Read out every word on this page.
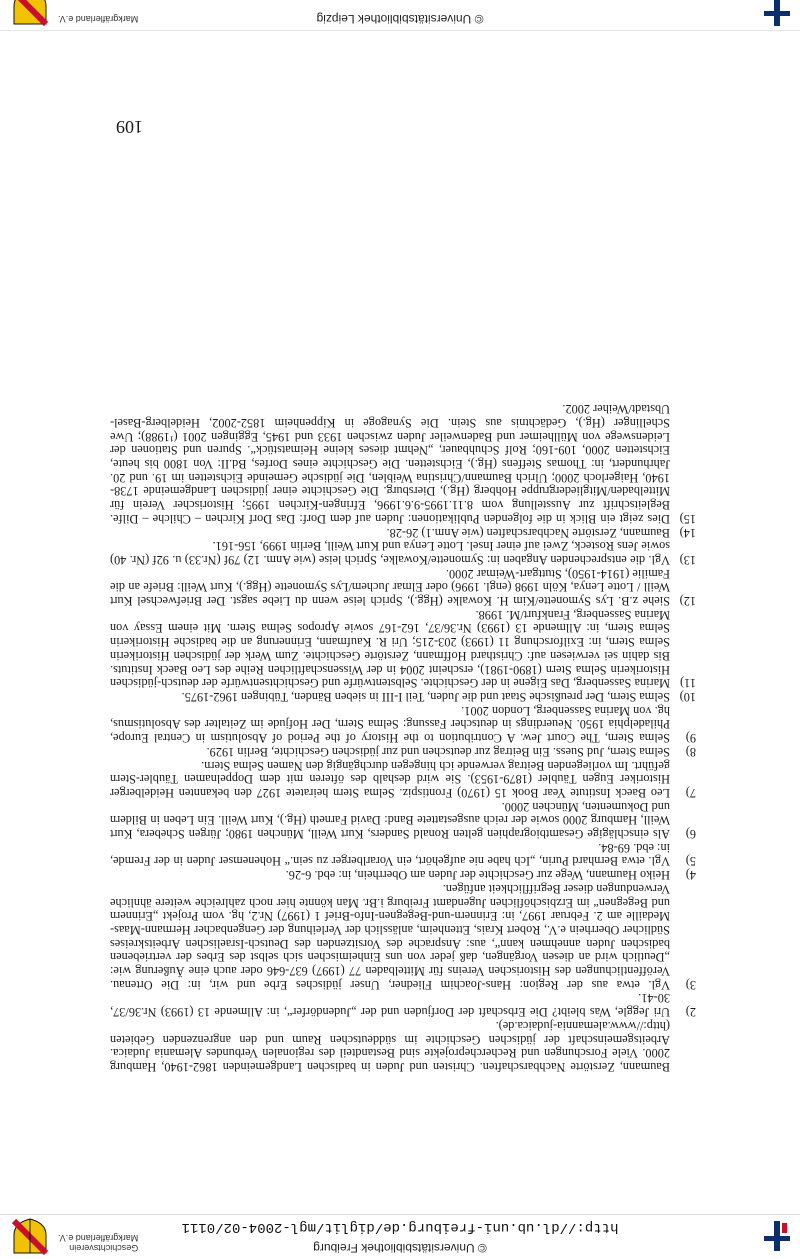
© Universitätsbibliothek Freiburg
http://dl.ub.uni-freiburg.de/diglit/mgl-2004-02/0111
Geschichtsverein
Markgräflerland e.V.
109

Baumann, Zerstörte Nachbarschaften. Christen und Juden in badischen Landgemeinden 1862-1940, Hamburg 2000. Viele Forschungen und Rechercheprojekte sind Bestandteil des regionalen Verbundes Alemania Judaica. Arbeitsgemeinschaft der jüdischen Geschichte im süddeutschen Raum und den angrenzenden Gebieten (http://www.alemannia-judaica.de).

2)
Uri Jeggle, Was bleibt? Die Erbschaft der Dorfjuden und der „Judendörfer“, in: Allmende 13 (1993) Nr.36/37, 30-41.
3)
Vgl. etwa aus der Region: Hans-Joachim Fliedner, Unser jüdisches Erbe und wir, in: Die Ortenau. Veröffentlichungen des Historischen Vereins für Mittelbaden 77 (1997) 637-646 oder auch eine Äußerung wie: „Deutlich wird an diesen Vorgängen, daß jeder von uns Einheimischen sich selbst des Erbes der vertriebenen badischen Juden annehmen kann“, aus: Ansprache des Vorsitzenden des Deutsch-Israelischen Arbeitskreises Südlicher Oberrhein e.V., Robert Krais, Ettenheim, anlässlich der Verleihung der Gengenbacher Hermann-Maas-Medaille am 2. Februar 1997, in: Erinnern-und-Begegnen-Info-Brief 1 (1997) Nr.2, hg. vom Projekt „Erinnern und Begegnen“ im Erzbischöflichen Jugendamt Freiburg i.Br. Man könnte hier noch zahlreiche weitere ähnliche Verwendungen dieser Begrifflichkeit anfügen.
4)
Heiko Haumann, Wege zur Geschichte der Juden am Oberrhein, in: ebd. 6-26.
5)
Vgl. etwa Bernhard Purin, „Ich habe nie aufgehört, ein Vorarlberger zu sein.“ Hohenemser Juden in der Fremde, in: ebd. 69-84.
6)
Als einschlägige Gesamtbiographien gelten Ronald Sanders, Kurt Weill, München 1980; Jürgen Schebera, Kurt Weill, Hamburg 2000 sowie der reich ausgestattete Band: David Farneth (Hg.), Kurt Weill. Ein Leben in Bildern und Dokumenten, München 2000.
7)
Leo Baeck Institute Year Book 15 (1970) Frontispiz. Selma Stern heiratete 1927 den bekannten Heidelberger Historiker Eugen Täubler (1879-1953). Sie wird deshalb des öfteren mit dem Doppelnamen Täubler-Stern geführt. Im vorliegenden Beitrag verwende ich hingegen durchgängig den Namen Selma Stern.
8)
Selma Stern, Jud Suess. Ein Beitrag zur deutschen und zur jüdischen Geschichte, Berlin 1929.
9)
Selma Stern, The Court Jew. A Contribution to the History of the Period of Absolutism in Central Europe, Philadelphia 1950. Neuerdings in deutscher Fassung: Selma Stern, Der Hofjude im Zeitalter des Absolutismus, hg. von Marina Sassenberg, London 2001.
10)
Selma Stern, Der preußische Staat und die Juden, Teil I-III in sieben Bänden, Tübingen 1962-1975.
11)
Marina Sassenberg, Das Eigene in der Geschichte. Selbstentwürfe und Geschichtsentwürfe der deutsch-jüdischen Historikerin Selma Stern (1890-1981), erscheint 2004 in der Wissenschaftlichen Reihe des Leo Baeck Instituts. Bis dahin sei verwiesen auf: Christhard Hoffmann, Zerstörte Geschichte. Zum Werk der jüdischen Historikerin Selma Stern, in: Exilforschung 11 (1993) 203-215; Uri R. Kaufmann, Erinnerung an die badische Historikerin Selma Stern, in: Allmende 13 (1993) Nr.36/37, 162-167 sowie Apropos Selma Stern. Mit einem Essay von Marina Sassenberg, Frankfurt/M. 1998.
12)
Siehe z.B. Lys Symonette/Kim H. Kowalke (Hgg.), Sprich leise wenn du Liebe sagst. Der Briefwechsel Kurt Weill / Lotte Lenya, Köln 1998 (engl. 1996) oder Elmar Juchem/Lys Symonette (Hgg.), Kurt Weill: Briefe an die Familie (1914-1950), Stuttgart-Weimar 2000.
13)
Vgl. die entsprechenden Angaben in: Symonette/Kowalke, Sprich leise (wie Anm. 12) 79f (Nr.33) u. 92f (Nr. 40) sowie Jens Rosteck, Zwei auf einer Insel. Lotte Lenya und Kurt Weill, Berlin 1999, 156-161.
14)
Baumann, Zerstörte Nachbarschaften (wie Anm.1) 26-28.
15)
Dies zeigt ein Blick in die folgenden Publikationen: Juden auf dem Dorf: Das Dorf Kirchen – Chilche – Dilfe. Begleitschrift zur Ausstellung vom 8.11.1995-9.6.1996, Efringen-Kirchen 1995; Historischer Verein für Mittelbaden/Mitgliedergruppe Hohberg (Hg.), Diersburg. Die Geschichte einer jüdischen Landgemeinde 1738-1940, Haigerloch 2000; Ulrich Baumann/Christina Weiblen, Die jüdische Gemeinde Eichstetten im 19. und 20. Jahrhundert, in: Thomas Steffens (Hg.), Eichstetten. Die Geschichte eines Dorfes, Bd.II: Von 1800 bis heute, Eichstetten 2000, 109-160; Rolf Schuhbauer, „Nehmt dieses kleine Heimatstück“. Spuren und Stationen der Leidenswege von Müllheimer und Badenweiler Juden zwischen 1933 und 1945, Eggingen 2001 (¹1988); Uwe Schellinger (Hg.), Gedächtnis aus Stein. Die Synagoge in Kippenheim 1852-2002, Heidelberg-Basel-Ubstadt/Weiher 2002.
© Universitätsbibliothek Leipzig
Markgräflerland e.V.
